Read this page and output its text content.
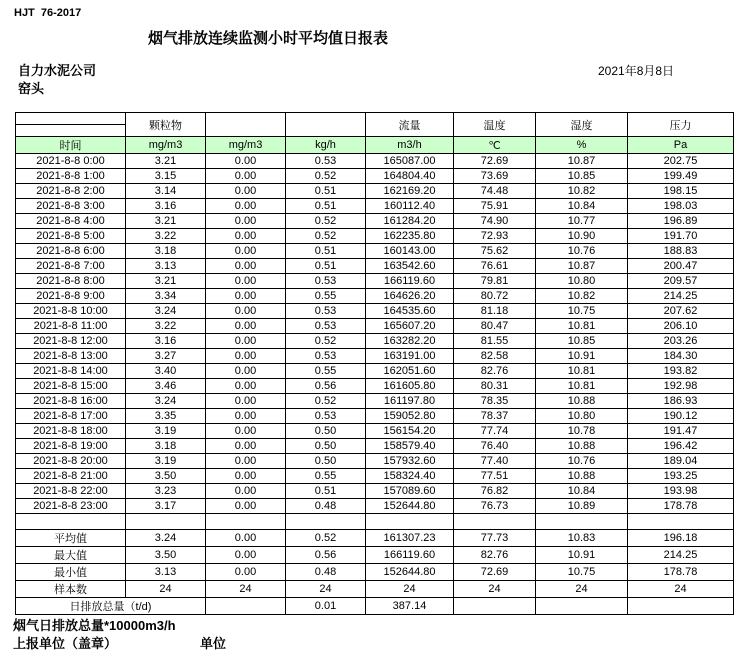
HJT  76-2017
烟气排放连续监测小时平均值日报表
自力水泥公司
窑头
2021年8月8日
	颗粒物			流量	温度	湿度	压力

时间	mg/m3	mg/m3	kg/h	m3/h	℃	%	Pa
2021-8-8 0:00	3.21	0.00	0.53	165087.00	72.69	10.87	202.75
2021-8-8 1:00	3.15	0.00	0.52	164804.40	73.69	10.85	199.49
2021-8-8 2:00	3.14	0.00	0.51	162169.20	74.48	10.82	198.15
2021-8-8 3:00	3.16	0.00	0.51	160112.40	75.91	10.84	198.03
2021-8-8 4:00	3.21	0.00	0.52	161284.20	74.90	10.77	196.89
2021-8-8 5:00	3.22	0.00	0.52	162235.80	72.93	10.90	191.70
2021-8-8 6:00	3.18	0.00	0.51	160143.00	75.62	10.76	188.83
2021-8-8 7:00	3.13	0.00	0.51	163542.60	76.61	10.87	200.47
2021-8-8 8:00	3.21	0.00	0.53	166119.60	79.81	10.80	209.57
2021-8-8 9:00	3.34	0.00	0.55	164626.20	80.72	10.82	214.25
2021-8-8 10:00	3.24	0.00	0.53	164535.60	81.18	10.75	207.62
2021-8-8 11:00	3.22	0.00	0.53	165607.20	80.47	10.81	206.10
2021-8-8 12:00	3.16	0.00	0.52	163282.20	81.55	10.85	203.26
2021-8-8 13:00	3.27	0.00	0.53	163191.00	82.58	10.91	184.30
2021-8-8 14:00	3.40	0.00	0.55	162051.60	82.76	10.81	193.82
2021-8-8 15:00	3.46	0.00	0.56	161605.80	80.31	10.81	192.98
2021-8-8 16:00	3.24	0.00	0.52	161197.80	78.35	10.88	186.93
2021-8-8 17:00	3.35	0.00	0.53	159052.80	78.37	10.80	190.12
2021-8-8 18:00	3.19	0.00	0.50	156154.20	77.74	10.78	191.47
2021-8-8 19:00	3.18	0.00	0.50	158579.40	76.40	10.88	196.42
2021-8-8 20:00	3.19	0.00	0.50	157932.60	77.40	10.76	189.04
2021-8-8 21:00	3.50	0.00	0.55	158324.40	77.51	10.88	193.25
2021-8-8 22:00	3.23	0.00	0.51	157089.60	76.82	10.84	193.98
2021-8-8 23:00	3.17	0.00	0.48	152644.80	76.73	10.89	178.78

平均值	3.24	0.00	0.52	161307.23	77.73	10.83	196.18
最大值	3.50	0.00	0.56	166119.60	82.76	10.91	214.25
最小值	3.13	0.00	0.48	152644.80	72.69	10.75	178.78
样本数	24	24	24	24	24	24	24
日排放总量（t/d)			0.01	387.14			
烟气日排放总量*10000m3/h
上报单位（盖章）	单位
